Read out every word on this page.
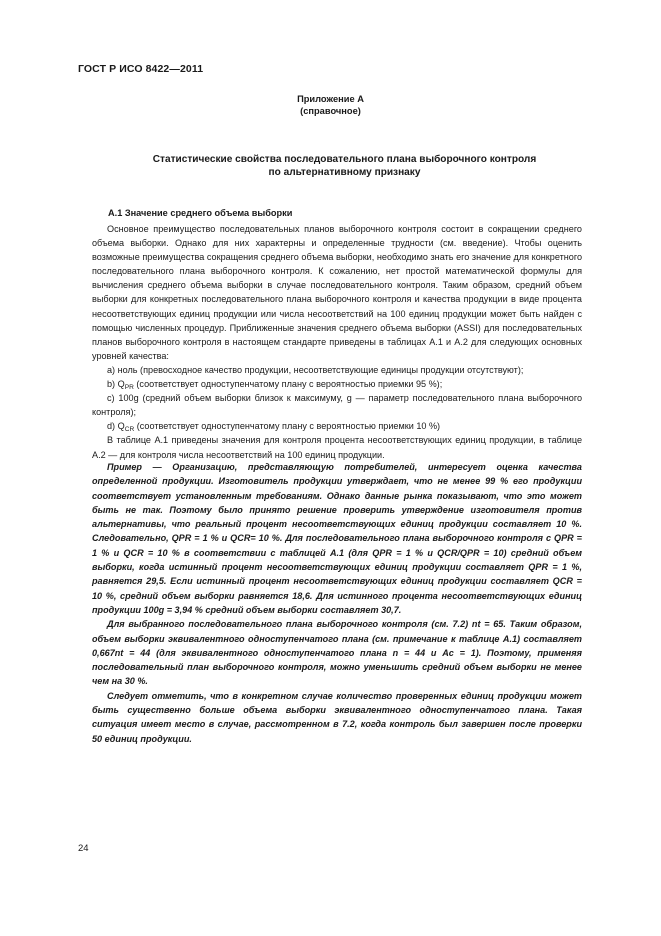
ГОСТ Р ИСО 8422—2011
Приложение А
(справочное)
Статистические свойства последовательного плана выборочного контроля
по альтернативному признаку
А.1 Значение среднего объема выборки

Основное преимущество последовательных планов выборочного контроля состоит в сокращении среднего объема выборки. Однако для них характерны и определенные трудности (см. введение). Чтобы оценить возможные преимущества сокращения среднего объема выборки, необходимо знать его значение для конкретного последовательного плана выборочного контроля. К сожалению, нет простой математической формулы для вычисления среднего объема выборки в случае последовательного контроля. Таким образом, средний объем выборки для конкретных последовательного плана выборочного контроля и качества продукции в виде процента несоответствующих единиц продукции или числа несоответствий на 100 единиц продукции может быть найден с помощью численных процедур. Приближенные значения среднего объема выборки (ASSI) для последовательных планов выборочного контроля в настоящем стандарте приведены в таблицах А.1 и А.2 для следующих основных уровней качества:

а) ноль (превосходное качество продукции, несоответствующие единицы продукции отсутствуют);

b) $Q_{PR}$ (соответствует одноступенчатому плану с вероятностью приемки 95 %);

c) 100g (средний объем выборки близок к максимуму, g — параметр последовательного плана выборочного контроля);

d) $Q_{CR}$ (соответствует одноступенчатому плану с вероятностью приемки 10 %)

В таблице А.1 приведены значения для контроля процента несоответствующих единиц продукции, в таблице А.2 — для контроля числа несоответствий на 100 единиц продукции.

Пример — Организацию, представляющую потребителей, интересует оценка качества определенной продукции. Изготовитель продукции утверждает, что не менее 99 % его продукции соответствует установленным требованиям. Однако данные рынка показывают, что это может быть не так. Поэтому было принято решение проверить утверждение изготовителя против альтернативы, что реальный процент несоответствующих единиц продукции составляет 10 %. Следовательно, QPR = 1 % и QCR= 10 %. Для последовательного плана выборочного контроля с QPR = 1 % и QCR = 10 % в соответствии с таблицей А.1 (для QPR = 1 % и QCR/QPR = 10) средний объем выборки, когда истинный процент несоответствующих единиц продукции составляет QPR = 1 %, равняется 29,5. Если истинный процент несоответствующих единиц продукции составляет QCR = 10 %, средний объем выборки равняется 18,6. Для истинного процента несоответствующих единиц продукции 100g = 3,94 % средний объем выборки составляет 30,7.

Для выбранного последовательного плана выборочного контроля (см. 7.2) nt = 65. Таким образом, объем выборки эквивалентного одноступенчатого плана (см. примечание к таблице А.1) составляет 0,667nt = 44 (для эквивалентного одноступенчатого плана n = 44 и Ac = 1). Поэтому, применяя последовательный план выборочного контроля, можно уменьшить средний объем выборки не менее чем на 30 %.

Следует отметить, что в конкретном случае количество проверенных единиц продукции может быть существенно больше объема выборки эквивалентного одноступенчатого плана. Такая ситуация имеет место в случае, рассмотренном в 7.2, когда контроль был завершен после проверки 50 единиц продукции.

24
